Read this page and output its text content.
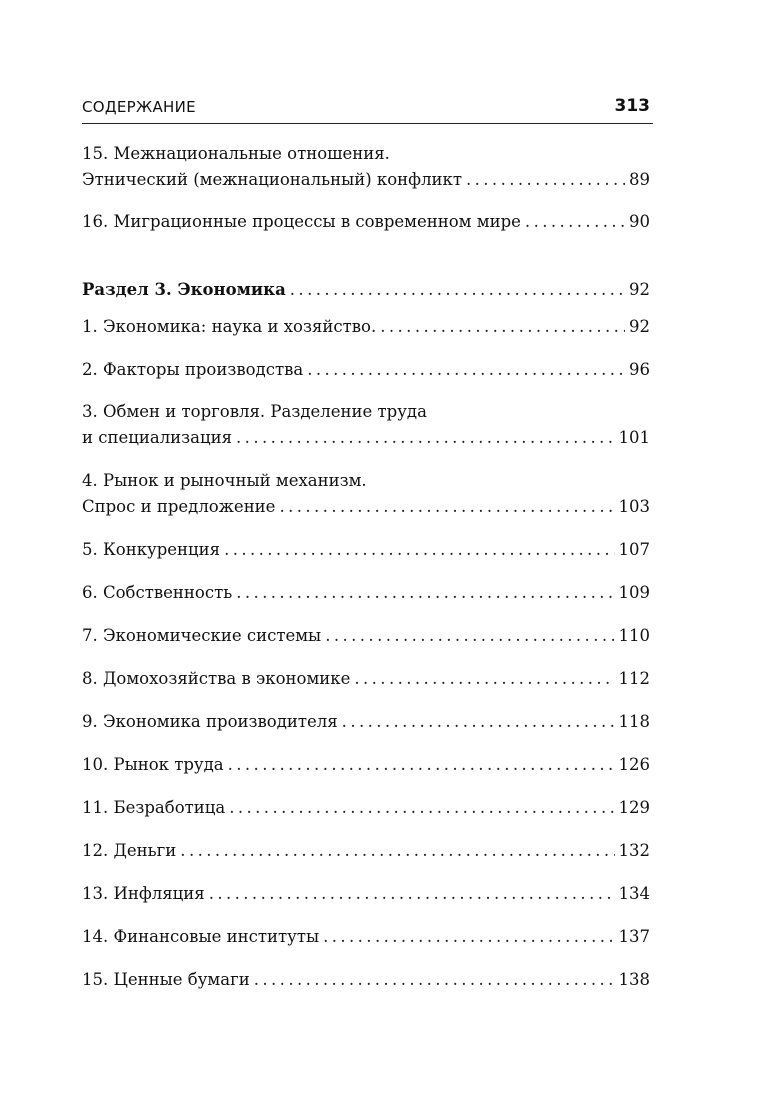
СОДЕРЖАНИЕ	313
15. Межнациональные отношения.
Этнический (межнациональный) конфликт .....	89
16. Миграционные процессы в современном мире .....	90
Раздел 3. Экономика .....	92
1. Экономика: наука и хозяйство. .....	92
2. Факторы производства .....	96
3. Обмен и торговля. Разделение труда
и специализация .....	101
4. Рынок и рыночный механизм.
Спрос и предложение .....	103
5. Конкуренция .....	107
6. Собственность .....	109
7. Экономические системы .....	110
8. Домохозяйства в экономике .....	112
9. Экономика производителя .....	118
10. Рынок труда .....	126
11. Безработица .....	129
12. Деньги .....	132
13. Инфляция .....	134
14. Финансовые институты .....	137
15. Ценные бумаги .....	138
